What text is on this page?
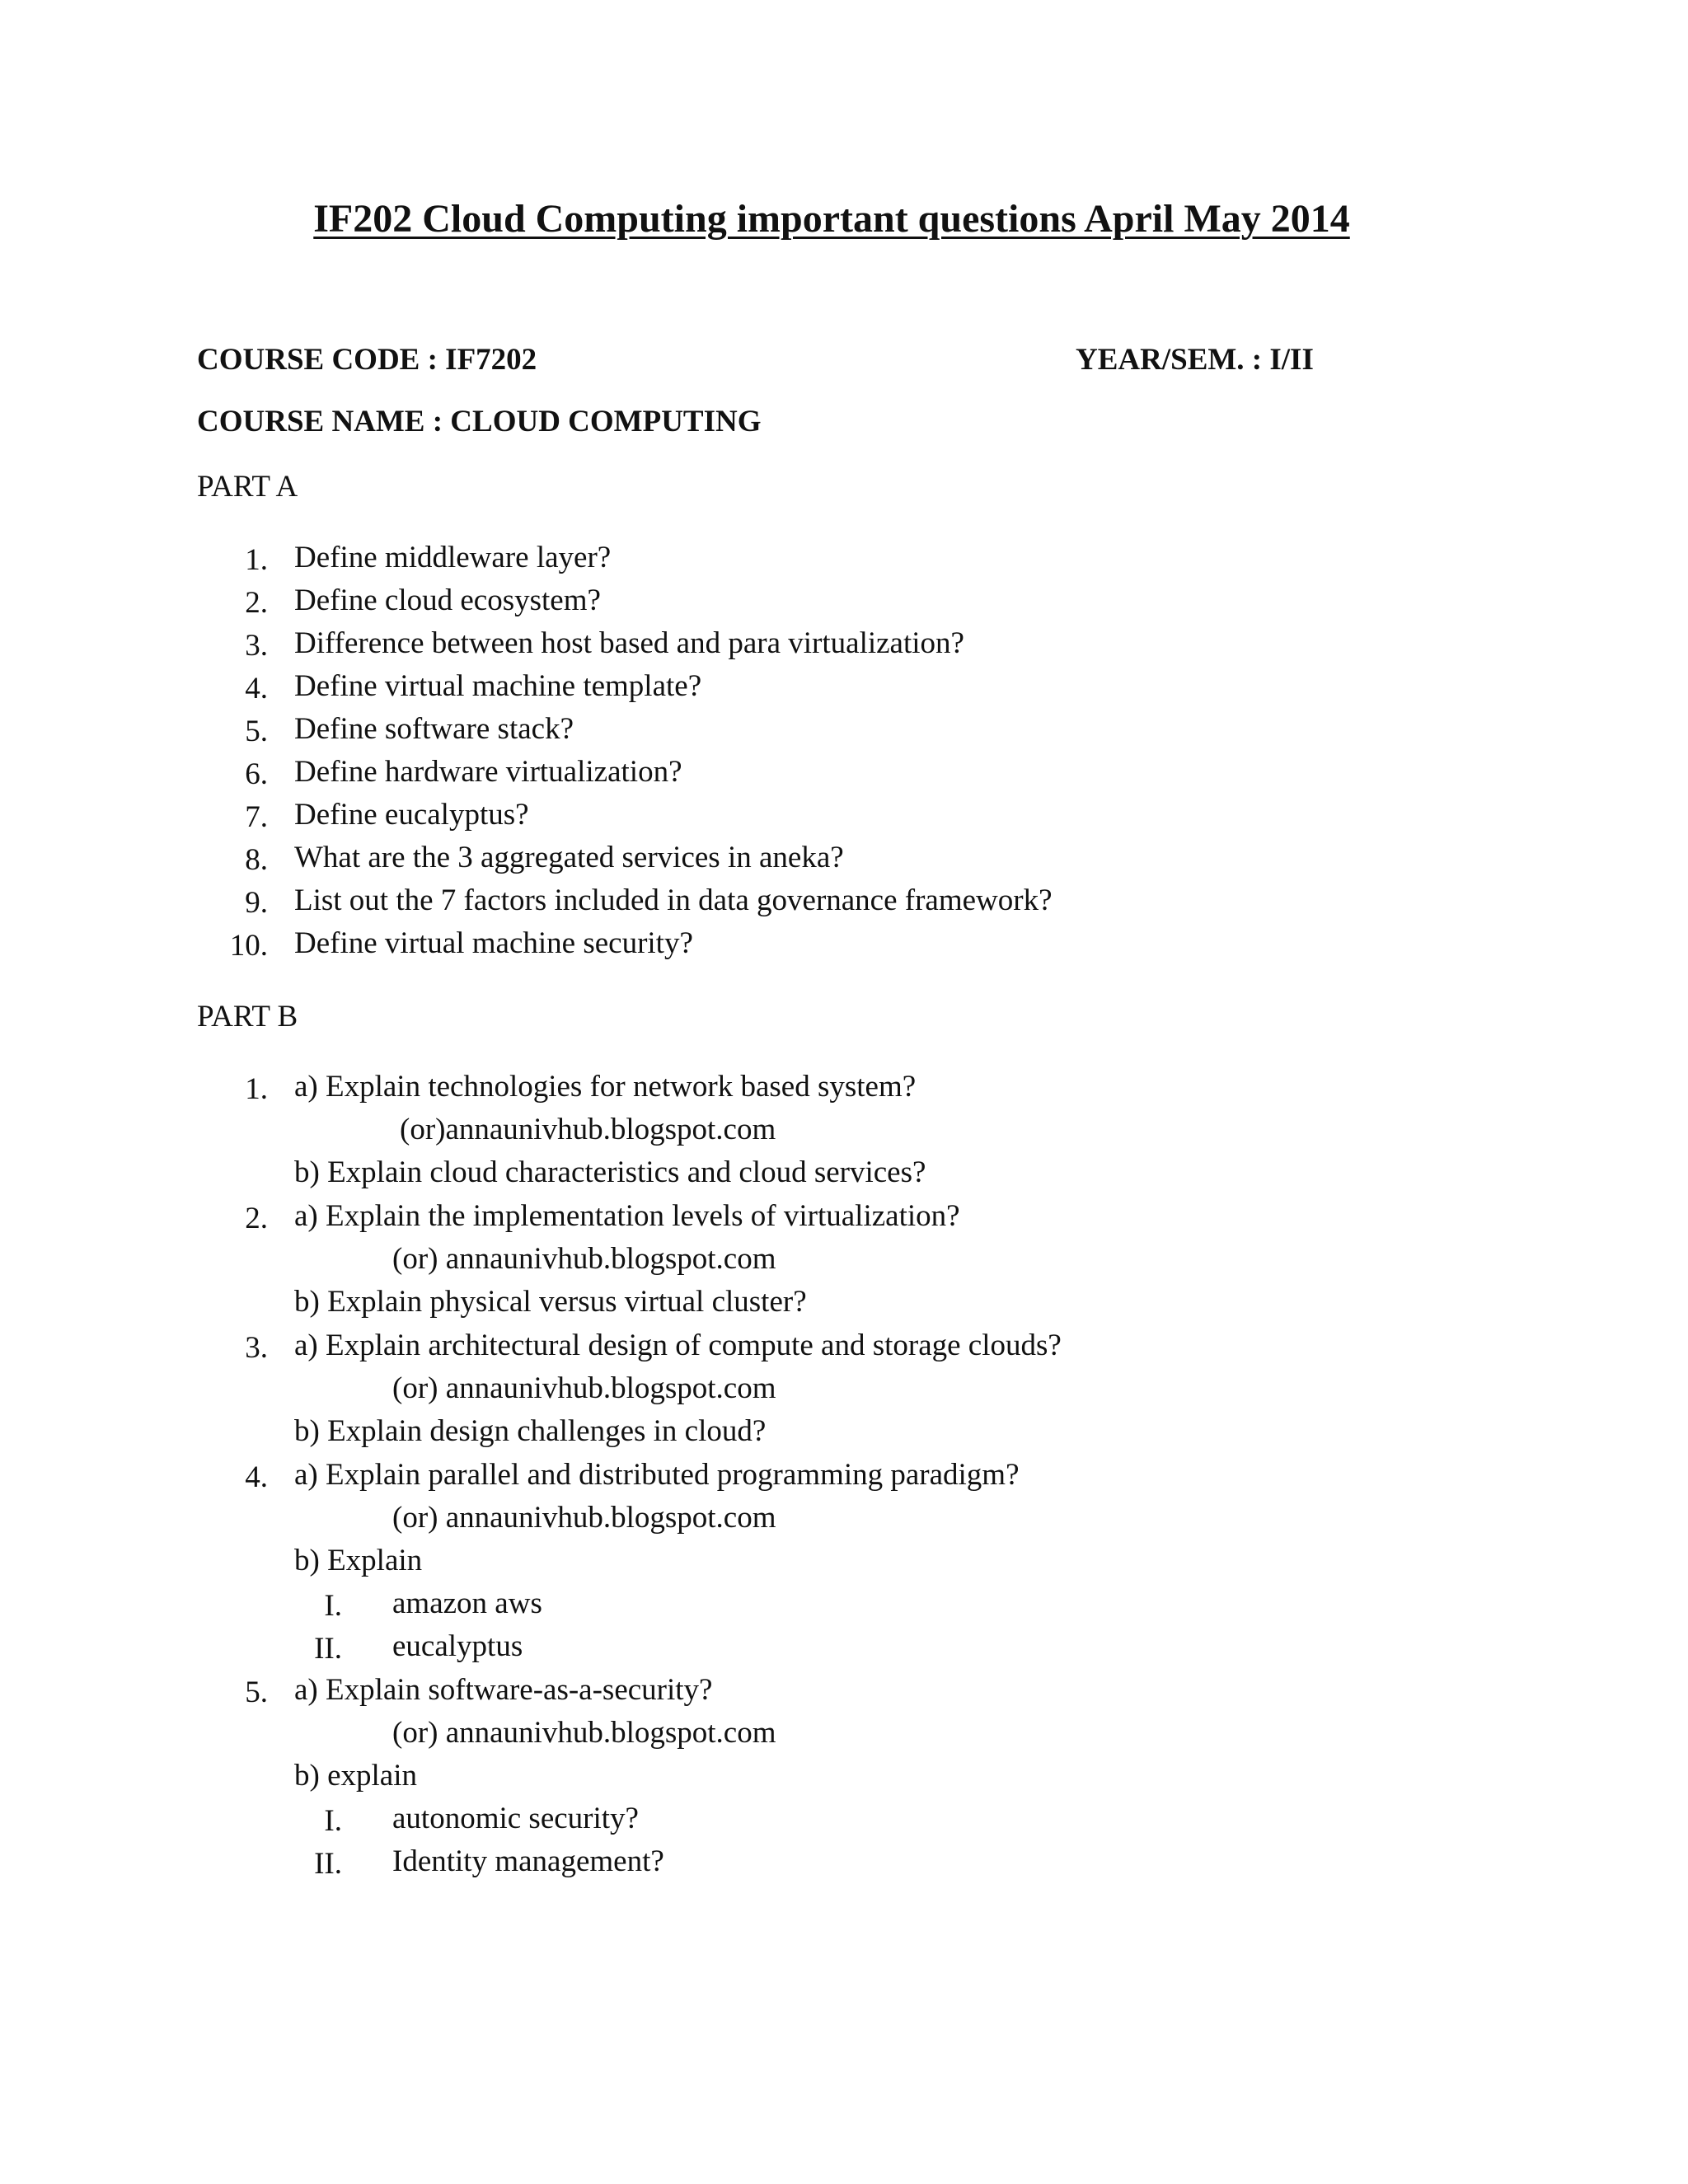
IF202 Cloud Computing important questions April May 2014
COURSE CODE : IF7202	YEAR/SEM. : I/II
COURSE NAME : CLOUD COMPUTING
PART A
1. Define middleware layer?
2. Define cloud ecosystem?
3. Difference between host based and para virtualization?
4. Define virtual machine template?
5. Define software stack?
6. Define hardware virtualization?
7. Define eucalyptus?
8. What are the 3 aggregated services in aneka?
9. List out the 7 factors included in data governance framework?
10. Define virtual machine security?
PART B
1. a) Explain technologies for network based system?
(or)annaunivhub.blogspot.com
b) Explain cloud characteristics and cloud services?
2. a) Explain the implementation levels of virtualization?
(or) annaunivhub.blogspot.com
b) Explain physical versus virtual cluster?
3. a) Explain architectural design of compute and storage clouds?
(or) annaunivhub.blogspot.com
b) Explain design challenges in cloud?
4. a) Explain parallel and distributed programming paradigm?
(or) annaunivhub.blogspot.com
b) Explain
I. amazon aws
II. eucalyptus
5. a) Explain software-as-a-security?
(or) annaunivhub.blogspot.com
b) explain
I. autonomic security?
II. Identity management?
